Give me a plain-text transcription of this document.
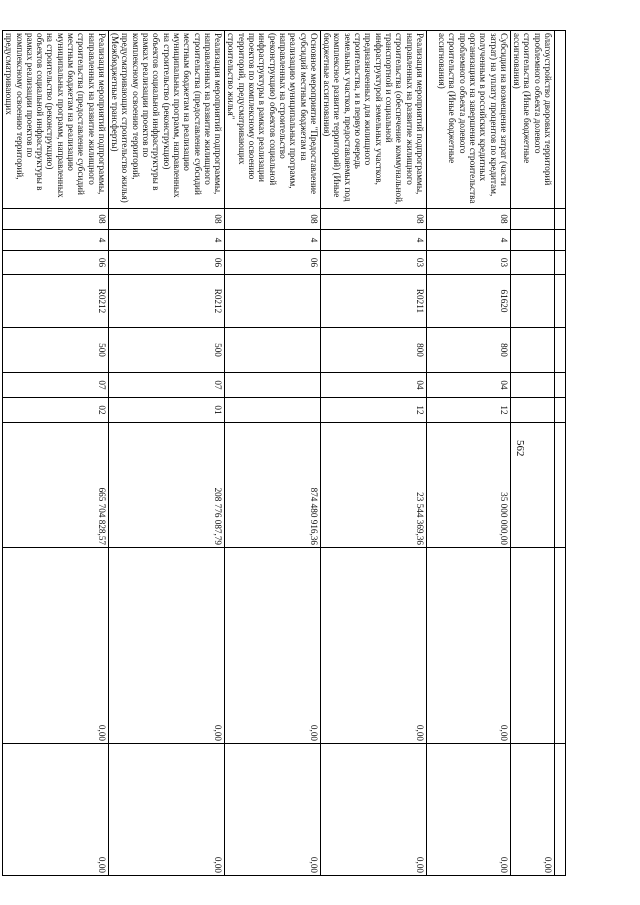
562

благоустройство дворовых территорий проблемного объекта долевого строительства (Иные бюджетные ассигнования)										0,00
Субсидии на возмещение затрат (части затрат) на уплату процентов по кредитам, полученным в российских кредитных организациях на завершение строительства проблемного объекта долевого строительства (Иные бюджетные ассигнования)	08	4	03	61620	800	04	12	35 000 000,00	0,00	0,00
Реализация мероприятий подпрограммы, направленных на развитие жилищного строительства (обеспечение коммунальной, транспортной и социальной инфраструктурой земельных участков, предназначенных для жилищного строительства, и в первую очередь земельных участков, предоставляемых под комплексное развитие территорий) (Иные бюджетные ассигнования)	08	4	03	R0211	800	04	12	23 544 369,36	0,00	0,00
Основное мероприятие "Предоставление субсидий местным бюджетам на реализацию муниципальных программ, направленных на строительство (реконструкцию) объектов социальной инфраструктуры в рамках реализации проектов по комплексному освоению территорий, предусматривающих строительство жилья"	08	4	06					874 480 916,36	0,00	0,00
Реализация мероприятий подпрограммы, направленных на развитие жилищного строительства (предоставление субсидий местным бюджетам на реализацию муниципальных программ, направленных на строительство (реконструкцию) объектов социальной инфраструктуры в рамках реализации проектов по комплексному освоению территорий, предусматривающих строительство жилья) (Межбюджетные трансферты)	08	4	06	R0212	500	07	01	208 776 087,79	0,00	0,00
Реализация мероприятий подпрограммы, направленных на развитие жилищного строительства (предоставление субсидий местным бюджетам на реализацию муниципальных программ, направленных на строительство (реконструкцию) объектов социальной инфраструктуры в рамках реализации проектов по комплексному освоению территорий, предусматривающих	08	4	06	R0212	500	07	02	665 704 828,57	0,00	0,00
